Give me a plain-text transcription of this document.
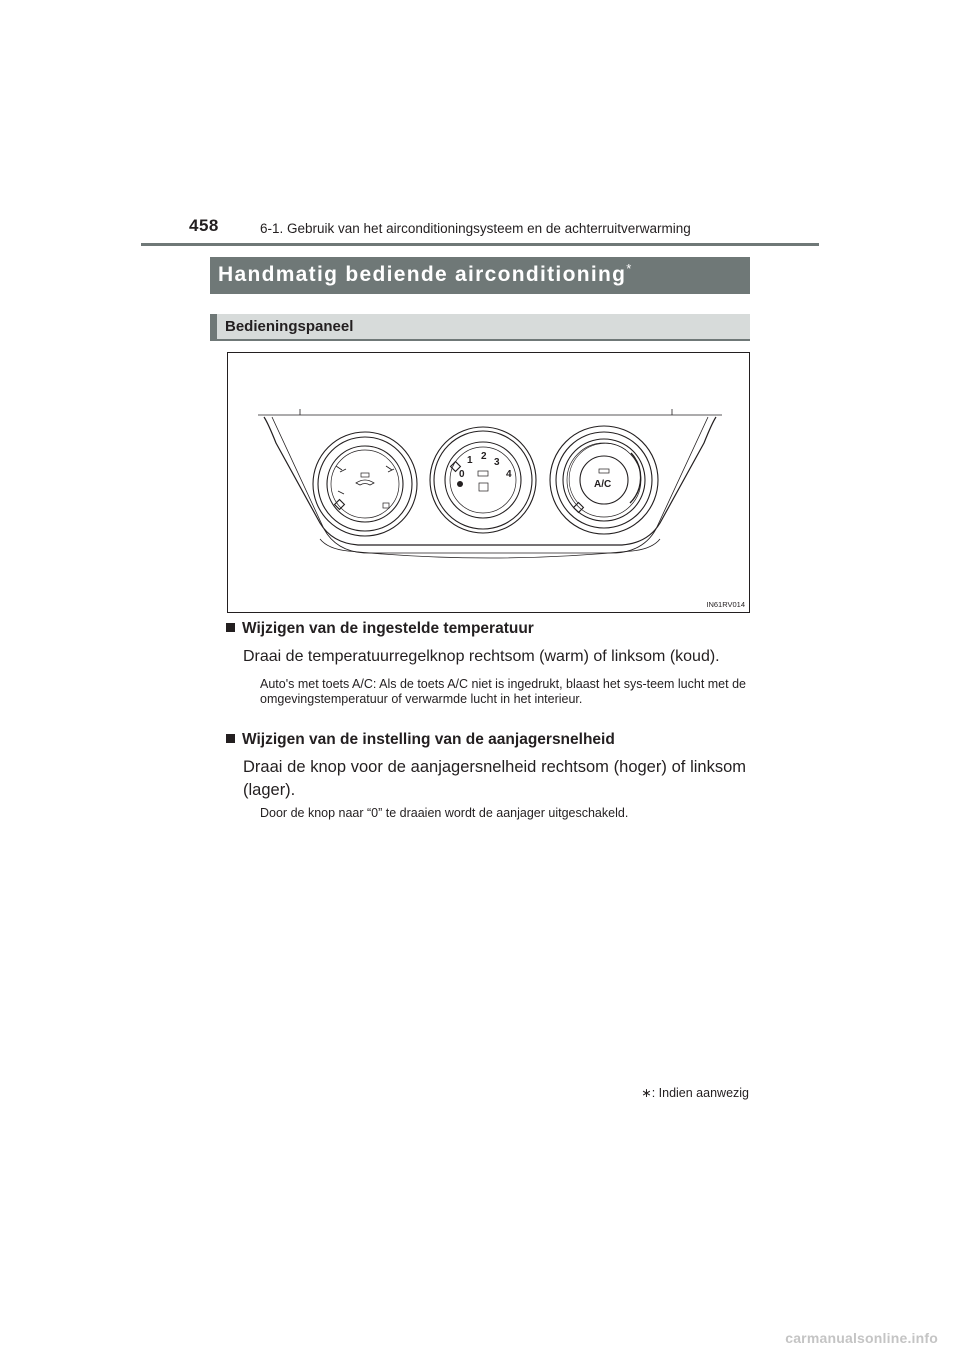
458	6-1. Gebruik van het airconditioningsysteem en de achterruitverwarming
Handmatig bediende airconditioning*
Bedieningspaneel
0
1 2
3
4
A/C
IN61RV014
Wijzigen van de ingestelde temperatuur
Draai de temperatuurregelknop rechtsom (warm) of linksom (koud).
Auto's met toets A/C: Als de toets A/C niet is ingedrukt, blaast het sys-teem lucht met de omgevingstemperatuur of verwarmde lucht in het interieur.
Wijzigen van de instelling van de aanjagersnelheid
Draai de knop voor de aanjagersnelheid rechtsom (hoger) of linksom (lager).
Door de knop naar “0” te draaien wordt de aanjager uitgeschakeld.
∗: Indien aanwezig
carmanualsonline.info
